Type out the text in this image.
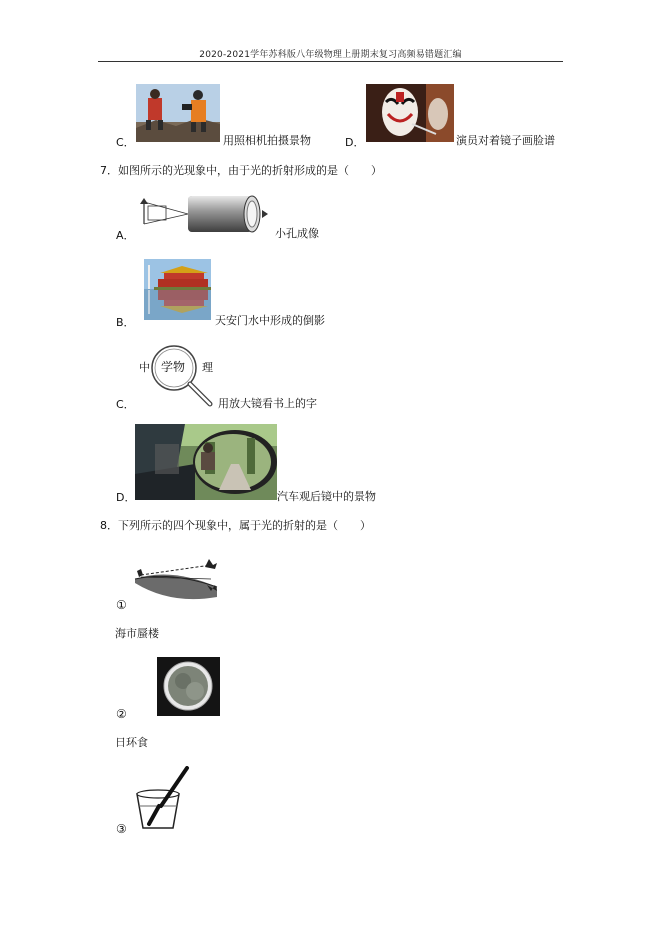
2020-2021学年苏科版八年级物理上册期末复习高频易错题汇编
C．	用照相机拍摄景物	D．	演员对着镜子画脸谱
7．如图所示的光现象中，由于光的折射形成的是（　　）
A．	小孔成像
B．	天安门水中形成的倒影
C．
中 学物 理
用放大镜看书上的字
D．	汽车观后镜中的景物
8．下列所示的四个现象中，属于光的折射的是（　　）
①
海市蜃楼
②
日环食
③
